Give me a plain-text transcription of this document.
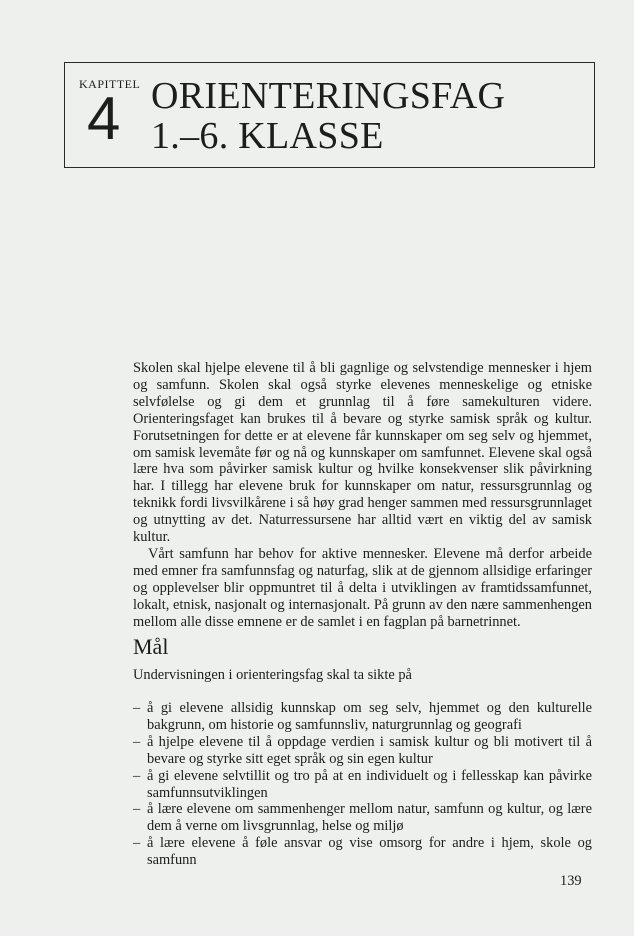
KAPITTEL
4 ORIENTERINGSFAG
1.–6. KLASSE

Skolen skal hjelpe elevene til å bli gagnlige og selvstendige mennesker i hjem og samfunn. Skolen skal også styrke elevenes menneskelige og etniske selvfølelse og gi dem et grunnlag til å føre samekulturen videre. Orienteringsfaget kan brukes til å bevare og styrke samisk språk og kultur. Forutsetningen for dette er at elevene får kunnskaper om seg selv og hjemmet, om samisk levemåte før og nå og kunnskaper om samfunnet. Elevene skal også lære hva som påvirker samisk kultur og hvilke konsekvenser slik påvirkning har. I tillegg har elevene bruk for kunnskaper om natur, ressursgrunnlag og teknikk fordi livsvilkårene i så høy grad henger sammen med ressursgrunnlaget og utnytting av det. Naturressursene har alltid vært en viktig del av samisk kultur.

Vårt samfunn har behov for aktive mennesker. Elevene må derfor arbeide med emner fra samfunnsfag og naturfag, slik at de gjennom allsidige erfaringer og opplevelser blir oppmuntret til å delta i utviklingen av framtidssamfunnet, lokalt, etnisk, nasjonalt og internasjonalt. På grunn av den nære sammenhengen mellom alle disse emnene er de samlet i en fagplan på barnetrinnet.

Mål
Undervisningen i orienteringsfag skal ta sikte på
– å gi elevene allsidig kunnskap om seg selv, hjemmet og den kulturelle bakgrunn, om historie og samfunnsliv, naturgrunnlag og geografi
– å hjelpe elevene til å oppdage verdien i samisk kultur og bli motivert til å bevare og styrke sitt eget språk og sin egen kultur
– å gi elevene selvtillit og tro på at en individuelt og i fellesskap kan påvirke samfunnsutviklingen
– å lære elevene om sammenhenger mellom natur, samfunn og kultur, og lære dem å verne om livsgrunnlag, helse og miljø
– å lære elevene å føle ansvar og vise omsorg for andre i hjem, skole og samfunn
139
